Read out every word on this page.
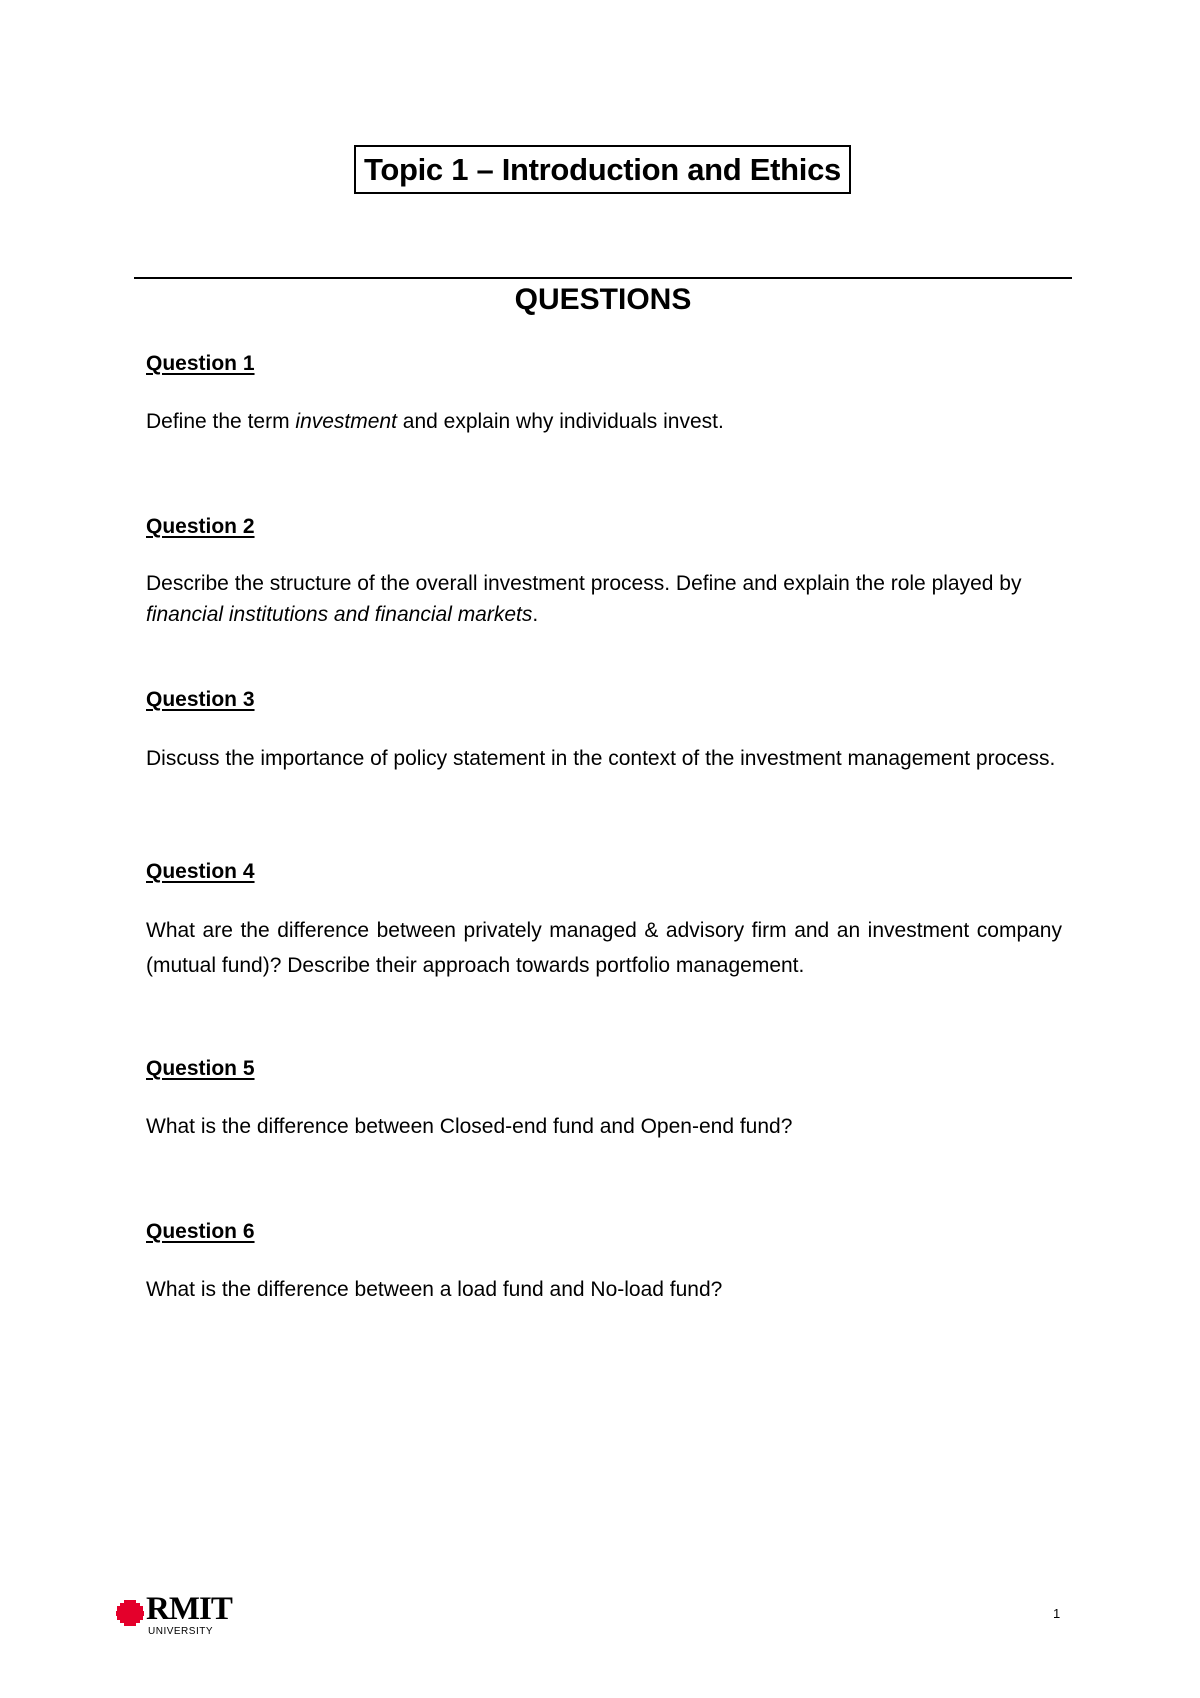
Topic 1 – Introduction and Ethics
QUESTIONS
Question 1
Define the term investment and explain why individuals invest.
Question 2
Describe the structure of the overall investment process. Define and explain the role played by financial institutions and financial markets.
Question 3
Discuss the importance of policy statement in the context of the investment management process.
Question 4
What are the difference between privately managed & advisory firm and an investment company (mutual fund)? Describe their approach towards portfolio management.
Question 5
What is the difference between Closed-end fund and Open-end fund?
Question 6
What is the difference between a load fund and No-load fund?
RMIT
UNIVERSITY
1
